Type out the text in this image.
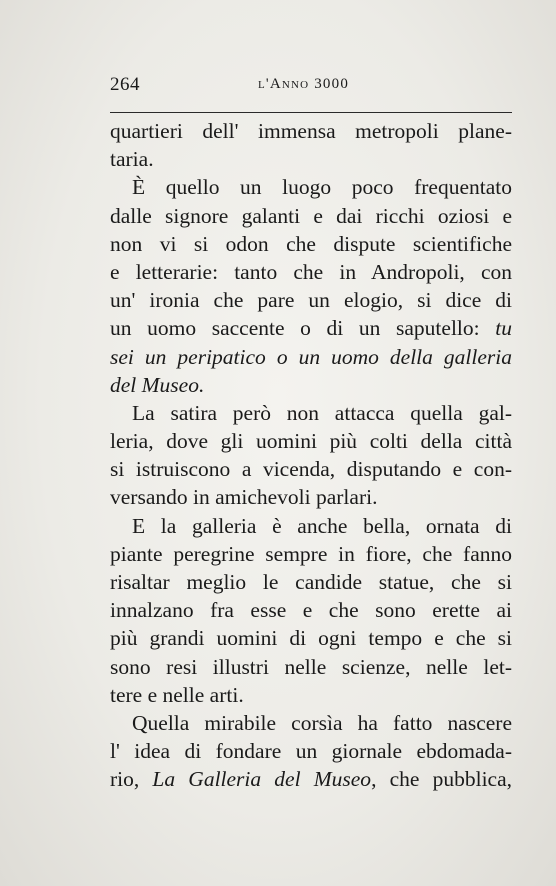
264	l'Anno 3000
quartieri dell' immensa metropoli plane-
taria.
È quello un luogo poco frequentato
dalle signore galanti e dai ricchi oziosi e
non vi si odon che dispute scientifiche
e letterarie: tanto che in Andropoli, con
un' ironia che pare un elogio, si dice di
un uomo saccente o di un saputello: tu
sei un peripatico o un uomo della galleria
del Museo.
La satira però non attacca quella gal-
leria, dove gli uomini più colti della città
si istruiscono a vicenda, disputando e con-
versando in amichevoli parlari.
E la galleria è anche bella, ornata di
piante peregrine sempre in fiore, che fanno
risaltar meglio le candide statue, che si
innalzano fra esse e che sono erette ai
più grandi uomini di ogni tempo e che si
sono resi illustri nelle scienze, nelle let-
tere e nelle arti.
Quella mirabile corsìa ha fatto nascere
l' idea di fondare un giornale ebdomada-
rio, La Galleria del Museo, che pubblica,
